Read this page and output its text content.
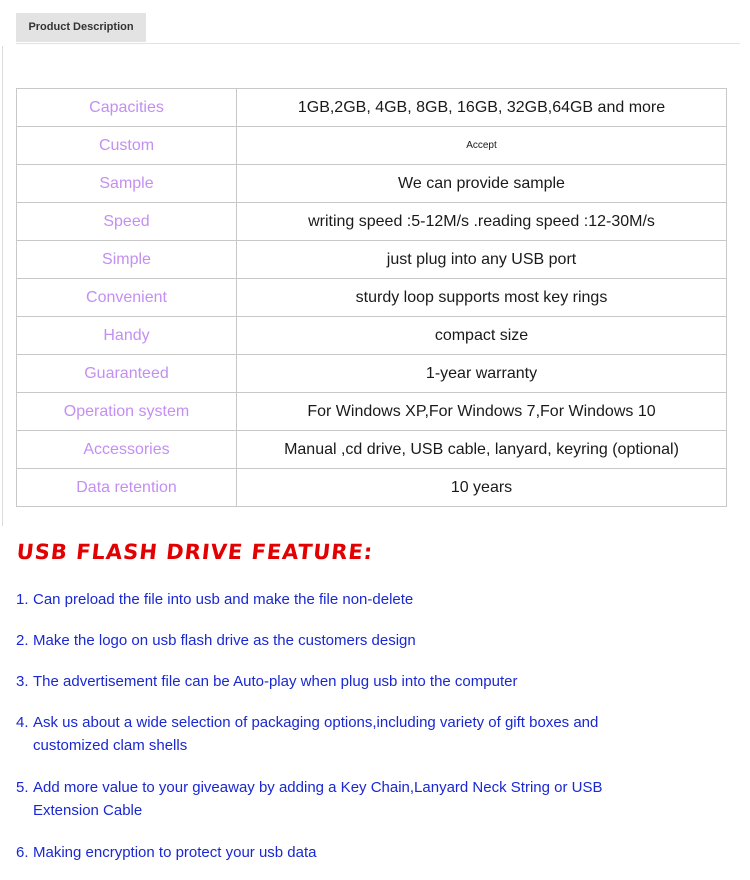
Product Description
Capacities	1GB,2GB, 4GB, 8GB, 16GB, 32GB,64GB and more
Custom	Accept
Sample	We can provide sample
Speed	writing speed :5-12M/s .reading speed :12-30M/s
Simple	just plug into any USB port
Convenient	sturdy loop supports most key rings
Handy	compact size
Guaranteed	1-year warranty
Operation system	For Windows XP,For Windows 7,For Windows 10
Accessories	Manual ,cd drive, USB cable, lanyard, keyring (optional)
Data retention	10 years
USB FLASH DRIVE FEATURE:
1. Can preload the file into usb and make the file non-delete
2. Make the logo on usb flash drive as the customers design
3. The advertisement file can be Auto-play when plug usb into the computer
4. Ask us about a wide selection of packaging options,including variety of gift boxes and customized clam shells
5. Add more value to your giveaway by adding a Key Chain,Lanyard Neck String or USB Extension Cable
6. Making encryption to protect your usb data
